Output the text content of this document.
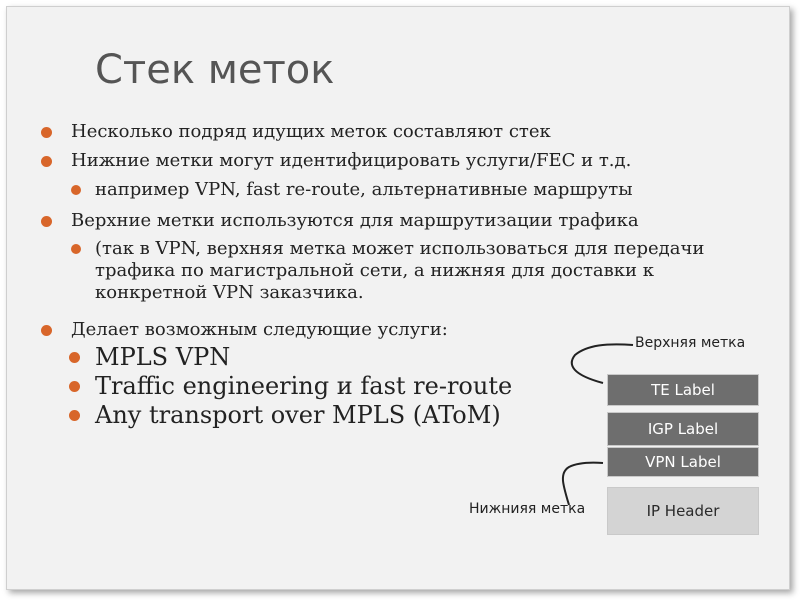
Стек меток
Несколько подряд идущих меток составляют стек
Нижние метки могут идентифицировать услуги/FEC и т.д.
например VPN, fast re-route, альтернативные маршруты
Верхние метки используются для маршрутизации трафика
(так в VPN, верхняя метка может использоваться для передачи
трафика по магистральной сети, а нижняя для доставки к
конкретной VPN заказчика.
Делает возможным следующие услуги:
MPLS VPN
Traffic engineering и fast re-route
Any transport over MPLS (AToM)
Верхняя метка
Нижнияя метка
TE Label
IGP Label
VPN Label
IP Header
